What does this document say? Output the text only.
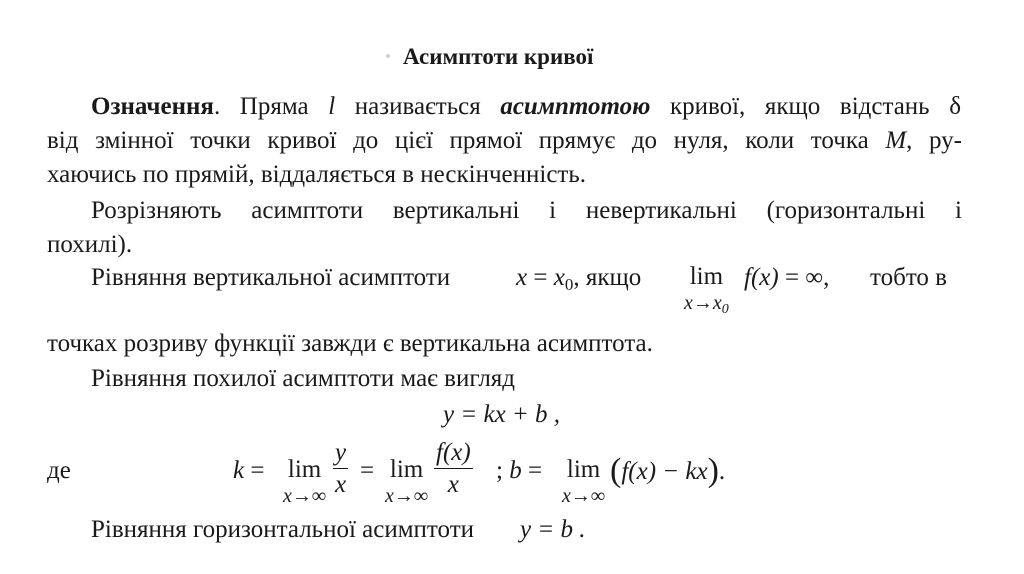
Асимптоти кривої
Означення. Пряма l називається асимптотою кривої, якщо відстань δ
від змінної точки кривої до цієї прямої прямує до нуля, коли точка M, ру-
хаючись по прямій, віддаляється в нескінченність.
Розрізняють асимптоти вертикальні і невертикальні (горизонтальні і
похилі).
Рівняння вертикальної асимптоти	$x = x_0$, якщо lim
$x\to x_0$
f(x) = ∞, тобто в
точках розриву функції завжди є вертикальна асимптота.
Рівняння похилої асимптоти має вигляд
y = kx + b ,
де	k = lim
$x\to\infty \frac{y}{x} = \lim$
$x\to\infty \frac{f(x)}{x}$ ; b = lim
x→∞
(f(x) − kx).
Рівняння горизонтальної асимптоти y = b .
